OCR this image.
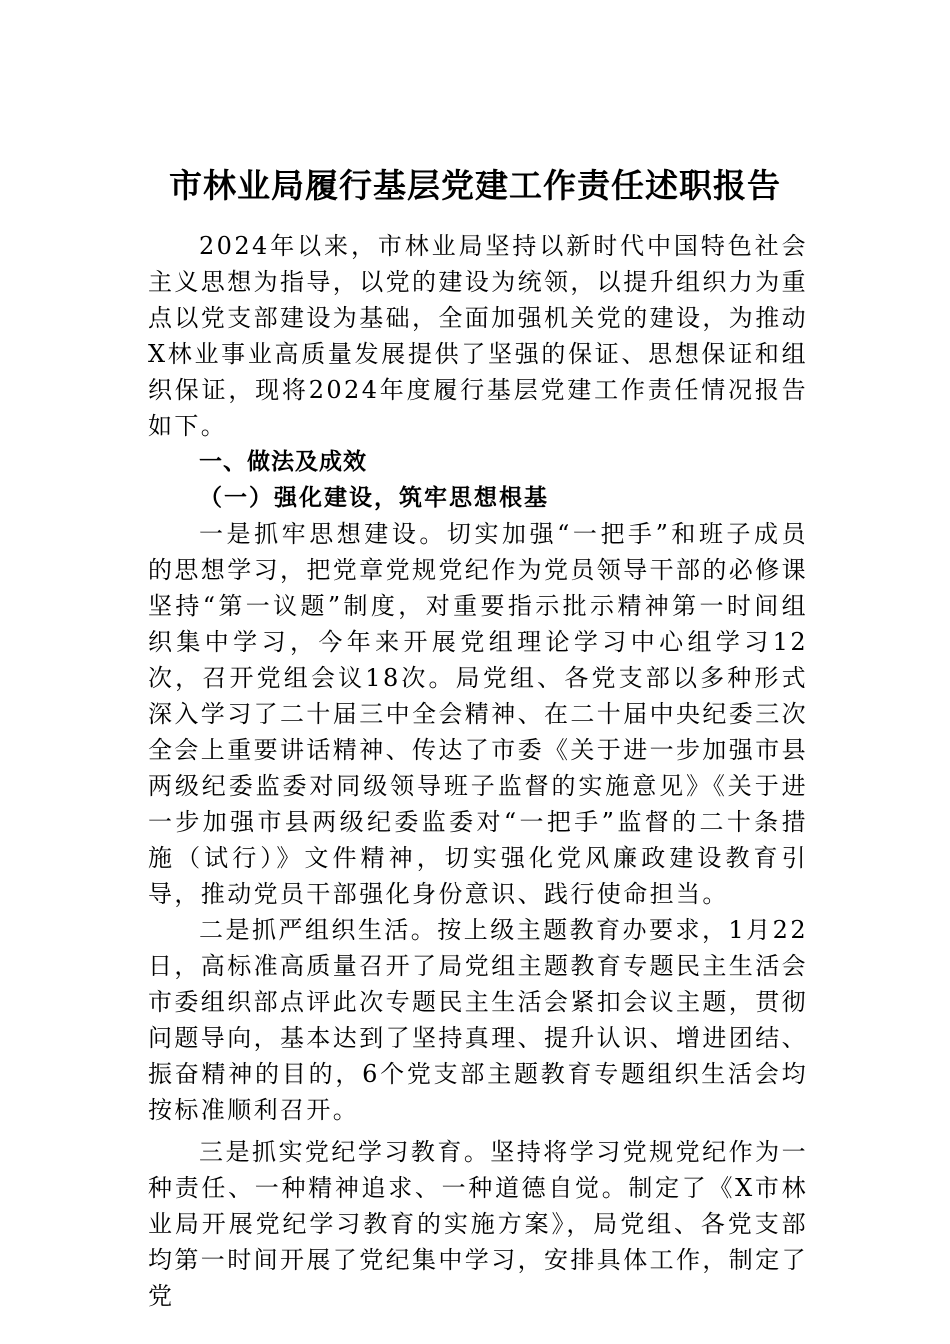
市林业局履行基层党建工作责任述职报告

2024年以来，市林业局坚持以新时代中国特色社会主义思想为指导，以党的建设为统领，以提升组织力为重点以党支部建设为基础，全面加强机关党的建设，为推动X林业事业高质量发展提供了坚强的保证、思想保证和组织保证，现将2024年度履行基层党建工作责任情况报告如下。

一、做法及成效

（一）强化建设，筑牢思想根基

一是抓牢思想建设。切实加强“一把手”和班子成员的思想学习，把党章党规党纪作为党员领导干部的必修课坚持“第一议题”制度，对重要指示批示精神第一时间组织集中学习，今年来开展党组理论学习中心组学习12次，召开党组会议18次。局党组、各党支部以多种形式深入学习了二十届三中全会精神、在二十届中央纪委三次全会上重要讲话精神、传达了市委《关于进一步加强市县两级纪委监委对同级领导班子监督的实施意见》《关于进一步加强市县两级纪委监委对“一把手”监督的二十条措施（试行）》文件精神，切实强化党风廉政建设教育引导，推动党员干部强化身份意识、践行使命担当。

二是抓严组织生活。按上级主题教育办要求，1月22日，高标准高质量召开了局党组主题教育专题民主生活会市委组织部点评此次专题民主生活会紧扣会议主题，贯彻问题导向，基本达到了坚持真理、提升认识、增进团结、振奋精神的目的，6个党支部主题教育专题组织生活会均按标准顺利召开。

三是抓实党纪学习教育。坚持将学习党规党纪作为一种责任、一种精神追求、一种道德自觉。制定了《X市林业局开展党纪学习教育的实施方案》，局党组、各党支部均第一时间开展了党纪集中学习，安排具体工作，制定了党
